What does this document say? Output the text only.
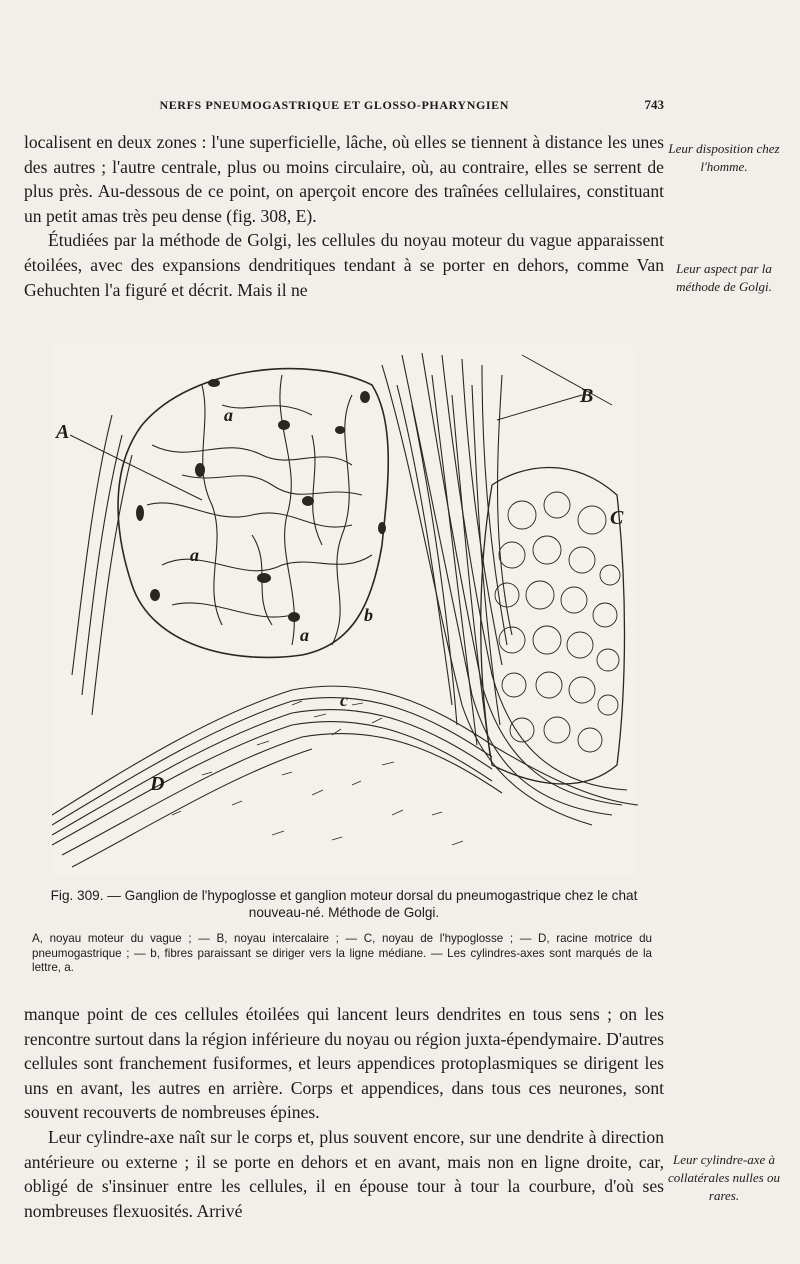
NERFS PNEUMOGASTRIQUE ET GLOSSO-PHARYNGIEN	743

localisent en deux zones : l'une superficielle, lâche, où elles se tiennent à distance les unes des autres ; l'autre centrale, plus ou moins circulaire, où, au contraire, elles se serrent de plus près. Au-dessous de ce point, on aperçoit encore des traînées cellulaires, constituant un petit amas très peu dense (fig. 308, E).

Étudiées par la méthode de Golgi, les cellules du noyau moteur du vague apparaissent étoilées, avec des expansions dendritiques tendant à se porter en dehors, comme Van Gehuchten l'a figuré et décrit. Mais il ne

Leur disposition chez l'homme.
Leur aspect par la méthode de Golgi.
A
B
C
D
a
a
a
b
c
Fig. 309. — Ganglion de l'hypoglosse et ganglion moteur dorsal du pneumogastrique chez le chat nouveau-né. Méthode de Golgi.
A, noyau moteur du vague ; — B, noyau intercalaire ; — C, noyau de l'hypoglosse ; — D, racine motrice du pneumogastrique ; — b, fibres paraissant se diriger vers la ligne médiane. — Les cylindres-axes sont marqués de la lettre, a.

manque point de ces cellules étoilées qui lancent leurs dendrites en tous sens ; on les rencontre surtout dans la région inférieure du noyau ou région juxta-épendymaire. D'autres cellules sont franchement fusiformes, et leurs appendices protoplasmiques se dirigent les uns en avant, les autres en arrière. Corps et appendices, dans tous ces neurones, sont souvent recouverts de nombreuses épines.

Leur cylindre-axe naît sur le corps et, plus souvent encore, sur une dendrite à direction antérieure ou externe ; il se porte en dehors et en avant, mais non en ligne droite, car, obligé de s'insinuer entre les cellules, il en épouse tour à tour la courbure, d'où ses nombreuses flexuosités. Arrivé

Leur cylindre-axe à collatérales nulles ou rares.
